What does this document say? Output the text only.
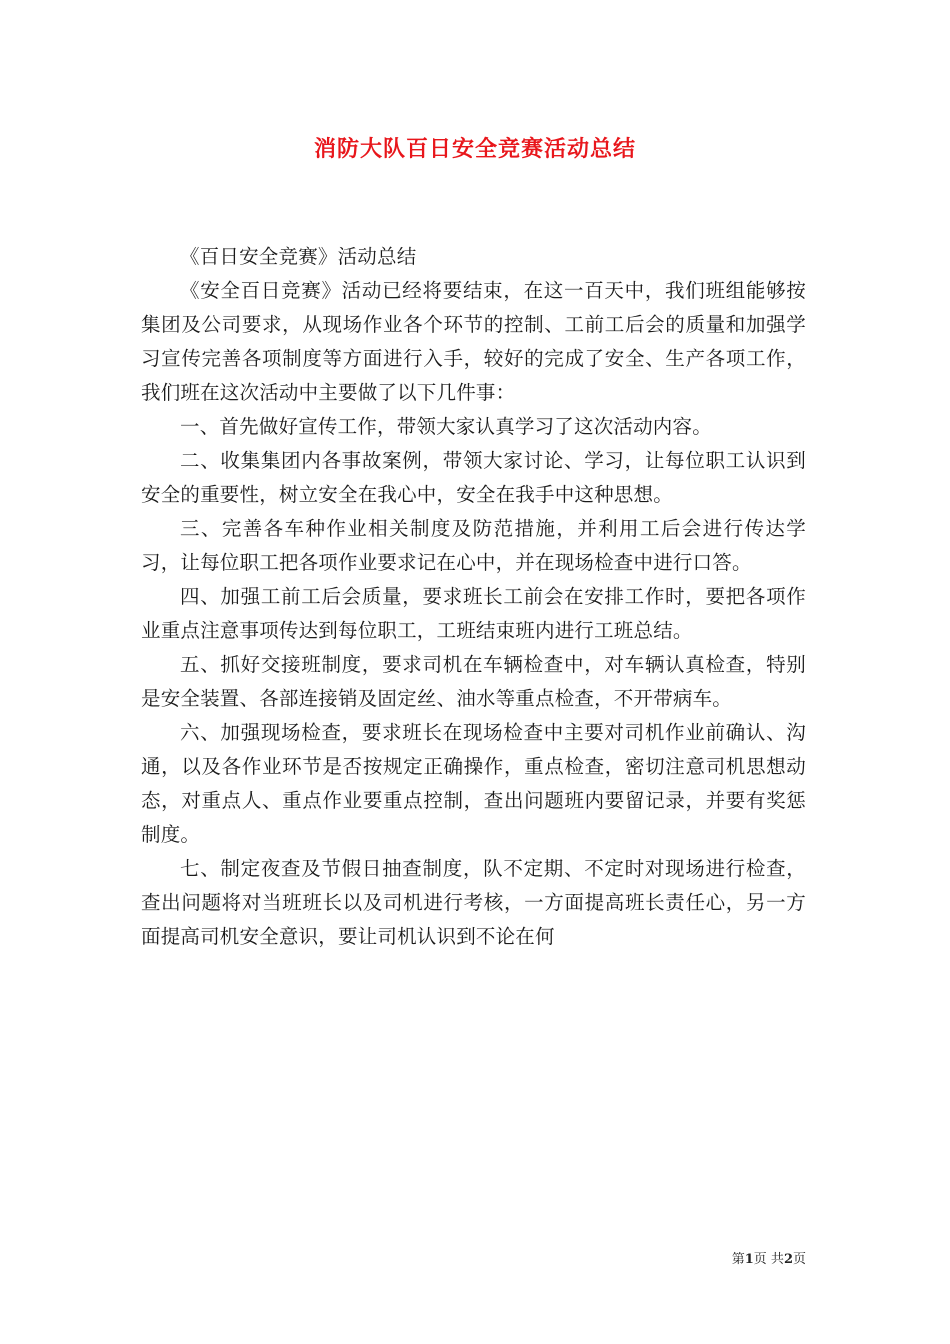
消防大队百日安全竞赛活动总结

《百日安全竞赛》活动总结

《安全百日竞赛》活动已经将要结束，在这一百天中，我们班组能够按集团及公司要求，从现场作业各个环节的控制、工前工后会的质量和加强学习宣传完善各项制度等方面进行入手，较好的完成了安全、生产各项工作，我们班在这次活动中主要做了以下几件事：

一、首先做好宣传工作，带领大家认真学习了这次活动内容。

二、收集集团内各事故案例，带领大家讨论、学习，让每位职工认识到安全的重要性，树立安全在我心中，安全在我手中这种思想。

三、完善各车种作业相关制度及防范措施，并利用工后会进行传达学习，让每位职工把各项作业要求记在心中，并在现场检查中进行口答。

四、加强工前工后会质量，要求班长工前会在安排工作时，要把各项作业重点注意事项传达到每位职工，工班结束班内进行工班总结。

五、抓好交接班制度，要求司机在车辆检查中，对车辆认真检查，特别是安全装置、各部连接销及固定丝、油水等重点检查，不开带病车。

六、加强现场检查，要求班长在现场检查中主要对司机作业前确认、沟通，以及各作业环节是否按规定正确操作，重点检查，密切注意司机思想动态，对重点人、重点作业要重点控制，查出问题班内要留记录，并要有奖惩制度。

七、制定夜查及节假日抽查制度，队不定期、不定时对现场进行检查，查出问题将对当班班长以及司机进行考核，一方面提高班长责任心，另一方面提高司机安全意识，要让司机认识到不论在何

第1页 共2页
